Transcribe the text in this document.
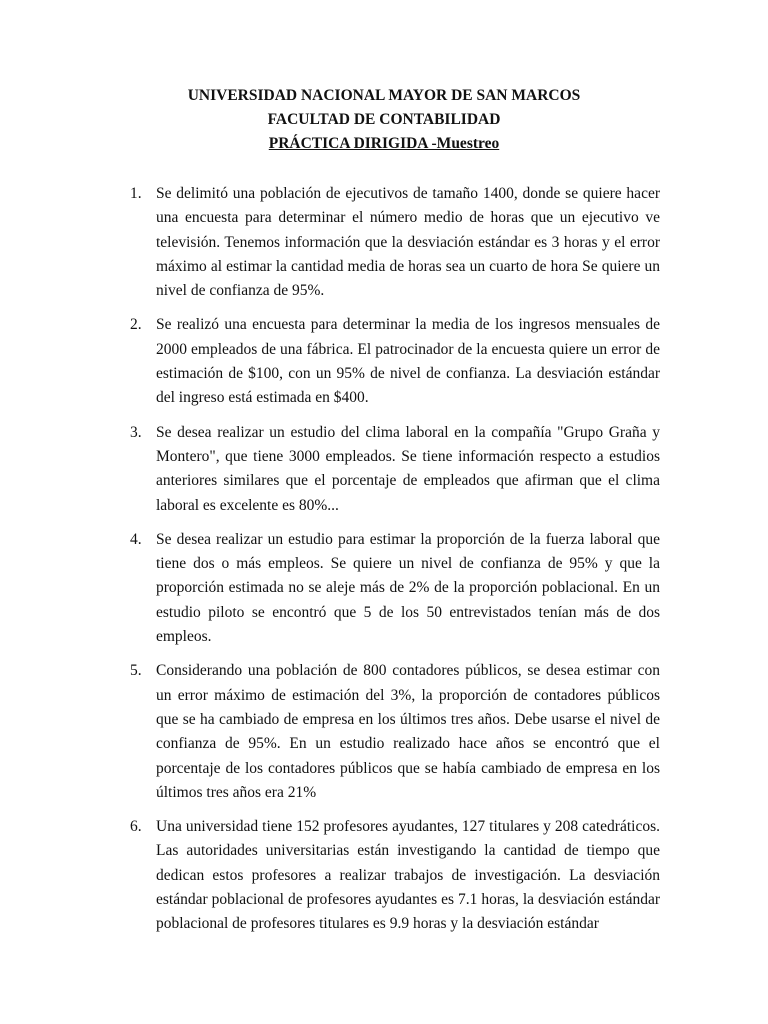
UNIVERSIDAD NACIONAL MAYOR DE SAN MARCOS
FACULTAD DE CONTABILIDAD
PRÁCTICA DIRIGIDA -Muestreo
1. Se delimitó una población de ejecutivos de tamaño 1400, donde se quiere hacer una encuesta para determinar el número medio de horas que un ejecutivo ve televisión. Tenemos información que la desviación estándar es 3 horas y el error máximo al estimar la cantidad media de horas sea un cuarto de hora Se quiere un nivel de confianza de 95%.
2. Se realizó una encuesta para determinar la media de los ingresos mensuales de 2000 empleados de una fábrica. El patrocinador de la encuesta quiere un error de estimación de $100, con un 95% de nivel de confianza. La desviación estándar del ingreso está estimada en $400.
3. Se desea realizar un estudio del clima laboral en la compañía "Grupo Graña y Montero", que tiene 3000 empleados. Se tiene información respecto a estudios anteriores similares que el porcentaje de empleados que afirman que el clima laboral es excelente es 80%...
4. Se desea realizar un estudio para estimar la proporción de la fuerza laboral que tiene dos o más empleos. Se quiere un nivel de confianza de 95% y que la proporción estimada no se aleje más de 2% de la proporción poblacional. En un estudio piloto se encontró que 5 de los 50 entrevistados tenían más de dos empleos.
5. Considerando una población de 800 contadores públicos, se desea estimar con un error máximo de estimación del 3%, la proporción de contadores públicos que se ha cambiado de empresa en los últimos tres años. Debe usarse el nivel de confianza de 95%. En un estudio realizado hace años se encontró que el porcentaje de los contadores públicos que se había cambiado de empresa en los últimos tres años era 21%
6. Una universidad tiene 152 profesores ayudantes, 127 titulares y 208 catedráticos. Las autoridades universitarias están investigando la cantidad de tiempo que dedican estos profesores a realizar trabajos de investigación. La desviación estándar poblacional de profesores ayudantes es 7.1 horas, la desviación estándar poblacional de profesores titulares es 9.9 horas y la desviación estándar
